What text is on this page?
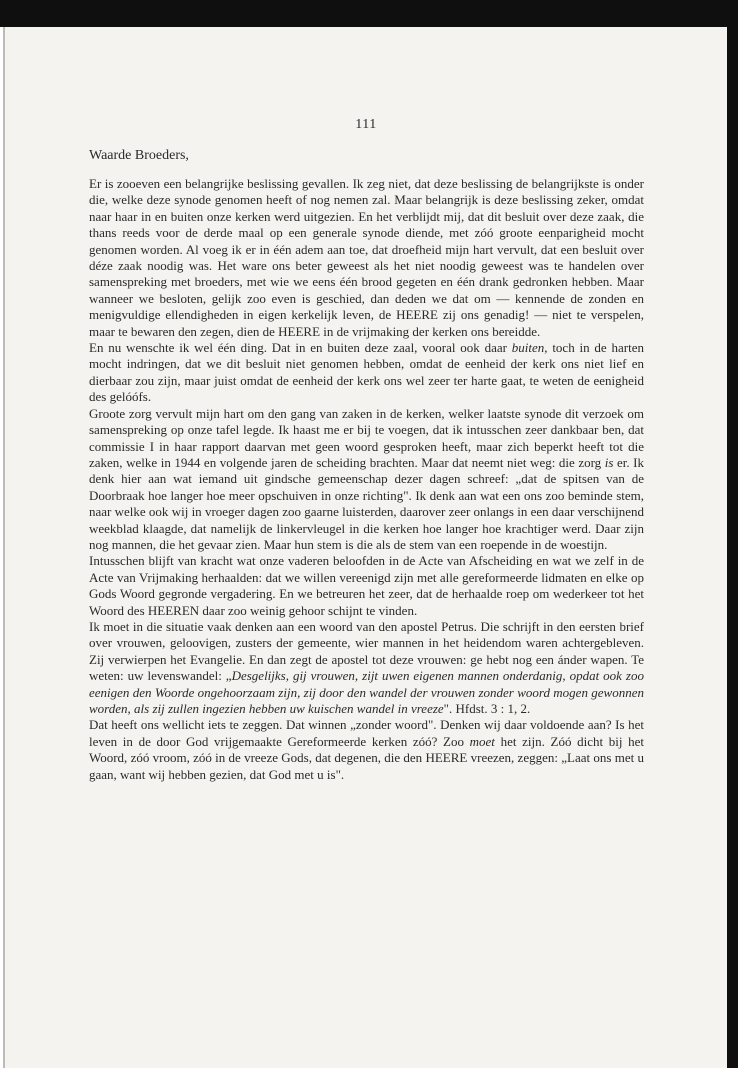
111

Waarde Broeders,

Er is zooeven een belangrijke beslissing gevallen. Ik zeg niet, dat deze beslissing de belangrijkste is onder die, welke deze synode genomen heeft of nog nemen zal. Maar belangrijk is deze beslissing zeker, omdat naar haar in en buiten onze kerken werd uitgezien. En het verblijdt mij, dat dit besluit over deze zaak, die thans reeds voor de derde maal op een generale synode diende, met zóó groote eenparigheid mocht genomen worden. Al voeg ik er in één adem aan toe, dat droefheid mijn hart vervult, dat een besluit over déze zaak noodig was. Het ware ons beter geweest als het niet noodig geweest was te handelen over samenspreking met broeders, met wie we eens één brood gegeten en één drank gedronken hebben. Maar wanneer we besloten, gelijk zoo even is geschied, dan deden we dat om — kennende de zonden en menigvuldige ellendigheden in eigen kerkelijk leven, de HEERE zij ons genadig! — niet te verspelen, maar te bewaren den zegen, dien de HEERE in de vrijmaking der kerken ons bereidde.

En nu wenschte ik wel één ding. Dat in en buiten deze zaal, vooral ook daar buiten, toch in de harten mocht indringen, dat we dit besluit niet genomen hebben, omdat de eenheid der kerk ons niet lief en dierbaar zou zijn, maar juist omdat de eenheid der kerk ons wel zeer ter harte gaat, te weten de eenigheid des gelóófs.

Groote zorg vervult mijn hart om den gang van zaken in de kerken, welker laatste synode dit verzoek om samenspreking op onze tafel legde. Ik haast me er bij te voegen, dat ik intusschen zeer dankbaar ben, dat commissie I in haar rapport daarvan met geen woord gesproken heeft, maar zich beperkt heeft tot die zaken, welke in 1944 en volgende jaren de scheiding brachten. Maar dat neemt niet weg: die zorg is er. Ik denk hier aan wat iemand uit gindsche gemeenschap dezer dagen schreef: „dat de spitsen van de Doorbraak hoe langer hoe meer opschuiven in onze richting". Ik denk aan wat een ons zoo beminde stem, naar welke ook wij in vroeger dagen zoo gaarne luisterden, daarover zeer onlangs in een daar verschijnend weekblad klaagde, dat namelijk de linkervleugel in die kerken hoe langer hoe krachtiger werd. Daar zijn nog mannen, die het gevaar zien. Maar hun stem is die als de stem van een roepende in de woestijn.

Intusschen blijft van kracht wat onze vaderen beloofden in de Acte van Afscheiding en wat we zelf in de Acte van Vrijmaking herhaalden: dat we willen vereenigd zijn met alle gereformeerde lidmaten en elke op Gods Woord gegronde vergadering. En we betreuren het zeer, dat de herhaalde roep om wederkeer tot het Woord des HEEREN daar zoo weinig gehoor schijnt te vinden.

Ik moet in die situatie vaak denken aan een woord van den apostel Petrus. Die schrijft in den eersten brief over vrouwen, geloovigen, zusters der gemeente, wier mannen in het heidendom waren achtergebleven. Zij verwierpen het Evangelie. En dan zegt de apostel tot deze vrouwen: ge hebt nog een ánder wapen. Te weten: uw levenswandel: „Desgelijks, gij vrouwen, zijt uwen eigenen mannen onderdanig, opdat ook zoo eenigen den Woorde ongehoorzaam zijn, zij door den wandel der vrouwen zonder woord mogen gewonnen worden, als zij zullen ingezien hebben uw kuischen wandel in vreeze". Hfdst. 3 : 1, 2.

Dat heeft ons wellicht iets te zeggen. Dat winnen „zonder woord". Denken wij daar voldoende aan? Is het leven in de door God vrijgemaakte Gereformeerde kerken zóó? Zoo moet het zijn. Zóó dicht bij het Woord, zóó vroom, zóó in de vreeze Gods, dat degenen, die den HEERE vreezen, zeggen: „Laat ons met u gaan, want wij hebben gezien, dat God met u is".
